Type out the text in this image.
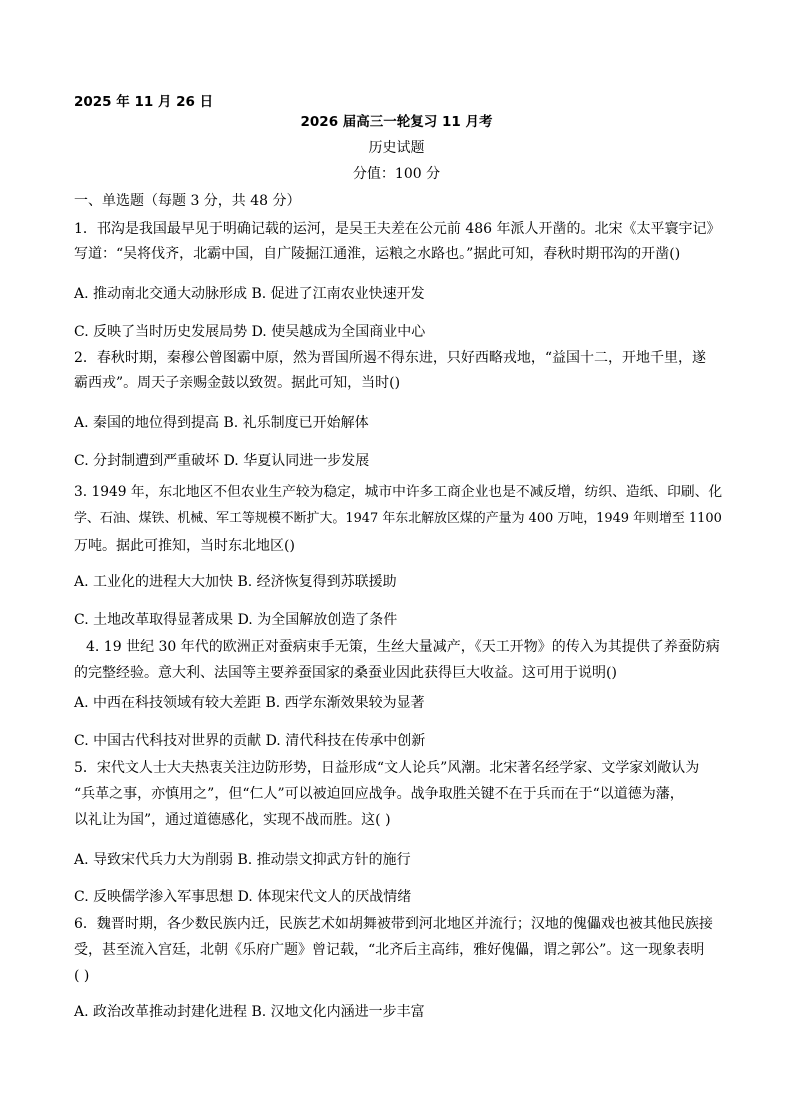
2025 年 11 月 26 日
2026 届高三一轮复习 11 月考
历史试题
分值：100 分
一、单选题（每题 3 分，共 48 分）
1．邗沟是我国最早见于明确记载的运河，是吴王夫差在公元前 486 年派人开凿的。北宋《太平寰宇记》
写道：“吴将伐齐，北霸中国，自广陵掘江通淮，运粮之水路也。”据此可知，春秋时期邗沟的开凿()
A. 推动南北交通大动脉形成 B. 促进了江南农业快速开发
C. 反映了当时历史发展局势 D. 使吴越成为全国商业中心
2．春秋时期，秦穆公曾图霸中原，然为晋国所遏不得东进，只好西略戎地，“益国十二，开地千里，遂
霸西戎”。周天子亲赐金鼓以致贺。据此可知，当时()
A. 秦国的地位得到提高 B. 礼乐制度已开始解体
C. 分封制遭到严重破坏 D. 华夏认同进一步发展
3. 1949 年，东北地区不但农业生产较为稳定，城市中许多工商企业也是不减反增，纺织、造纸、印刷、化
学、石油、煤铁、机械、军工等规模不断扩大。1947 年东北解放区煤的产量为 400 万吨，1949 年则增至 1100
万吨。据此可推知，当时东北地区()
A. 工业化的进程大大加快 B. 经济恢复得到苏联援助
C. 土地改革取得显著成果 D. 为全国解放创造了条件
4. 19 世纪 30 年代的欧洲正对蚕病束手无策，生丝大量减产，《天工开物》的传入为其提供了养蚕防病
的完整经验。意大利、法国等主要养蚕国家的桑蚕业因此获得巨大收益。这可用于说明()
A. 中西在科技领域有较大差距 B. 西学东渐效果较为显著
C. 中国古代科技对世界的贡献 D. 清代科技在传承中创新
5．宋代文人士大夫热衷关注边防形势，日益形成“文人论兵”风潮。北宋著名经学家、文学家刘敞认为
“兵革之事，亦慎用之”，但“仁人”可以被迫回应战争。战争取胜关键不在于兵而在于“以道德为藩，
以礼让为国”，通过道德感化，实现不战而胜。这( )
A. 导致宋代兵力大为削弱 B. 推动崇文抑武方针的施行
C. 反映儒学渗入军事思想 D. 体现宋代文人的厌战情绪
6．魏晋时期，各少数民族内迁，民族艺术如胡舞被带到河北地区并流行；汉地的傀儡戏也被其他民族接
受，甚至流入宫廷，北朝《乐府广题》曾记载，“北齐后主高纬，雅好傀儡，谓之郭公”。这一现象表明
( )
A. 政治改革推动封建化进程 B. 汉地文化内涵进一步丰富
